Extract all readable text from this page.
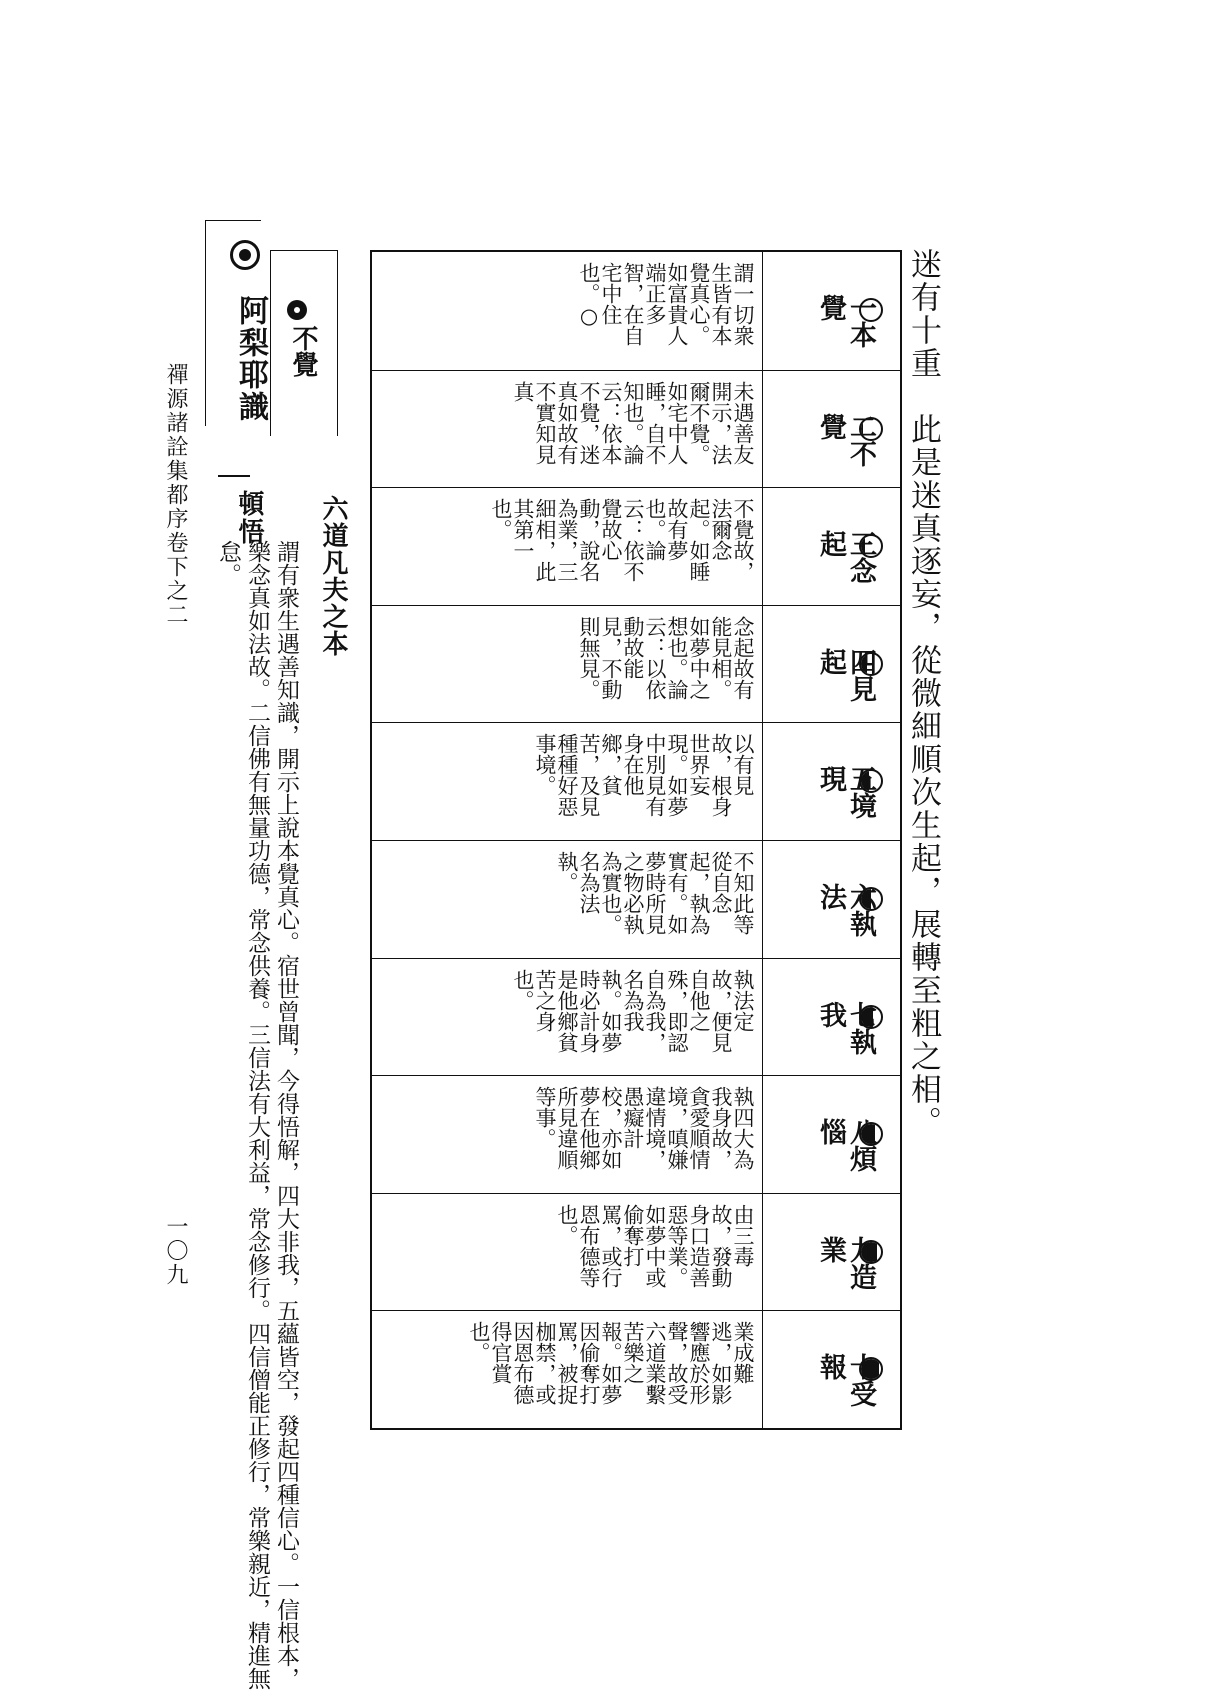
迷有十重　此是迷真逐妄，從微細順次生起，展轉至粗之相。
一本覺
謂一切衆生皆有本覺真心。如富貴人端正多智，在自宅中住也。○
二不覺
未遇善友開示，法爾不覺。如宅中人睡，自不知也。論云：依本不覺，迷真如故有不實知見真
三念起
不覺故，法爾念起。如睡故有夢也。論云：依不覺故心動，說名為業，三細相，此其第一也。
四見起
念起故有能見相。如夢中之想也。論云：以依動故能見，不動則無見。
五境現
以有見故，根身世界妄現。如夢中別見有身在他鄉，貧苦，及見種種好惡事境。
六執法
不知此等從自念起，執為實有。如夢時所見之物必執為實也。名為法執。
七執我
執法定故，便見自他之殊，即認自為我，名為我執。如夢時必計身是他鄉貧苦之身也。
八煩惱
執四大為我身故，貪愛順情境，嗔嫌違情境，愚癡計校，亦如夢在他鄉所見違順等事。
九造業
由三毒故，發動身口造善惡等業。如夢中或偷奪打罵，或行恩布德等也。
十受報
業成難逃，如影響應於形聲，故受六道業繫苦樂之報。如夢因偷奪打罵，被捉枷禁，或因恩布德得官賞也。
不覺
六道凡夫之本
阿梨耶識
頓悟
謂有衆生遇善知識，開示上說本覺真心。宿世曾聞，今得悟解，四大非我，五蘊皆空，發起四種信心。一信根本，樂念真如法故。二信佛有無量功德，常念供養。三信法有大利益，常念修行。四信僧能正修行，常樂親近，精進無怠。
禪源諸詮集都序卷下之二
一〇九
